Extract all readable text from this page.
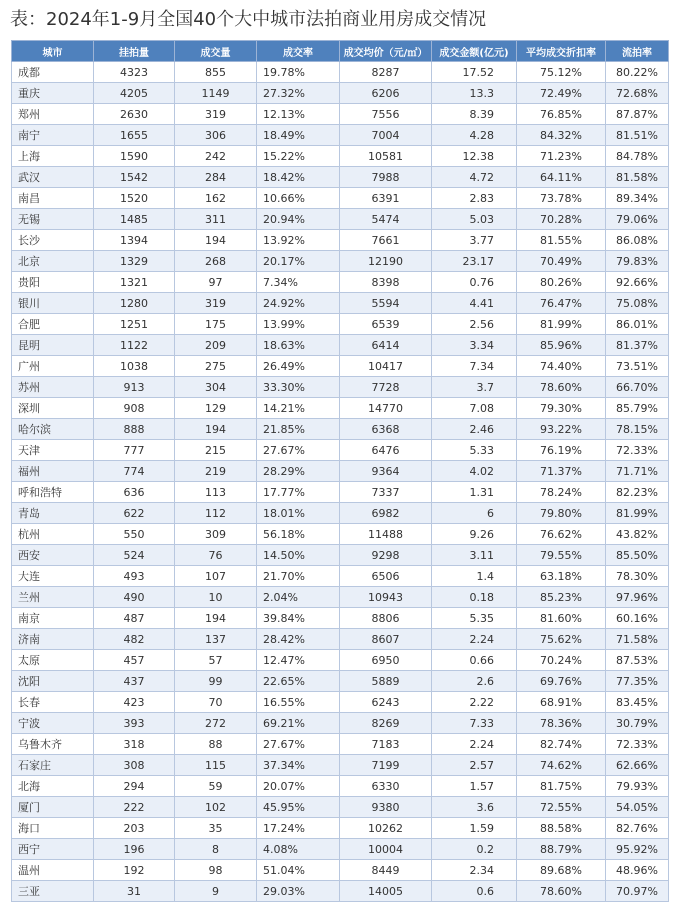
表：2024年1-9月全国40个大中城市法拍商业用房成交情况
城市	挂拍量	成交量	成交率	成交均价（元/㎡）	成交金额(亿元)	平均成交折扣率	流拍率
成都	4323	855	19.78%	8287	17.52	75.12%	80.22%
重庆	4205	1149	27.32%	6206	13.3	72.49%	72.68%
郑州	2630	319	12.13%	7556	8.39	76.85%	87.87%
南宁	1655	306	18.49%	7004	4.28	84.32%	81.51%
上海	1590	242	15.22%	10581	12.38	71.23%	84.78%
武汉	1542	284	18.42%	7988	4.72	64.11%	81.58%
南昌	1520	162	10.66%	6391	2.83	73.78%	89.34%
无锡	1485	311	20.94%	5474	5.03	70.28%	79.06%
长沙	1394	194	13.92%	7661	3.77	81.55%	86.08%
北京	1329	268	20.17%	12190	23.17	70.49%	79.83%
贵阳	1321	97	7.34%	8398	0.76	80.26%	92.66%
银川	1280	319	24.92%	5594	4.41	76.47%	75.08%
合肥	1251	175	13.99%	6539	2.56	81.99%	86.01%
昆明	1122	209	18.63%	6414	3.34	85.96%	81.37%
广州	1038	275	26.49%	10417	7.34	74.40%	73.51%
苏州	913	304	33.30%	7728	3.7	78.60%	66.70%
深圳	908	129	14.21%	14770	7.08	79.30%	85.79%
哈尔滨	888	194	21.85%	6368	2.46	93.22%	78.15%
天津	777	215	27.67%	6476	5.33	76.19%	72.33%
福州	774	219	28.29%	9364	4.02	71.37%	71.71%
呼和浩特	636	113	17.77%	7337	1.31	78.24%	82.23%
青岛	622	112	18.01%	6982	6	79.80%	81.99%
杭州	550	309	56.18%	11488	9.26	76.62%	43.82%
西安	524	76	14.50%	9298	3.11	79.55%	85.50%
大连	493	107	21.70%	6506	1.4	63.18%	78.30%
兰州	490	10	2.04%	10943	0.18	85.23%	97.96%
南京	487	194	39.84%	8806	5.35	81.60%	60.16%
济南	482	137	28.42%	8607	2.24	75.62%	71.58%
太原	457	57	12.47%	6950	0.66	70.24%	87.53%
沈阳	437	99	22.65%	5889	2.6	69.76%	77.35%
长春	423	70	16.55%	6243	2.22	68.91%	83.45%
宁波	393	272	69.21%	8269	7.33	78.36%	30.79%
乌鲁木齐	318	88	27.67%	7183	2.24	82.74%	72.33%
石家庄	308	115	37.34%	7199	2.57	74.62%	62.66%
北海	294	59	20.07%	6330	1.57	81.75%	79.93%
厦门	222	102	45.95%	9380	3.6	72.55%	54.05%
海口	203	35	17.24%	10262	1.59	88.58%	82.76%
西宁	196	8	4.08%	10004	0.2	88.79%	95.92%
温州	192	98	51.04%	8449	2.34	89.68%	48.96%
三亚	31	9	29.03%	14005	0.6	78.60%	70.97%
